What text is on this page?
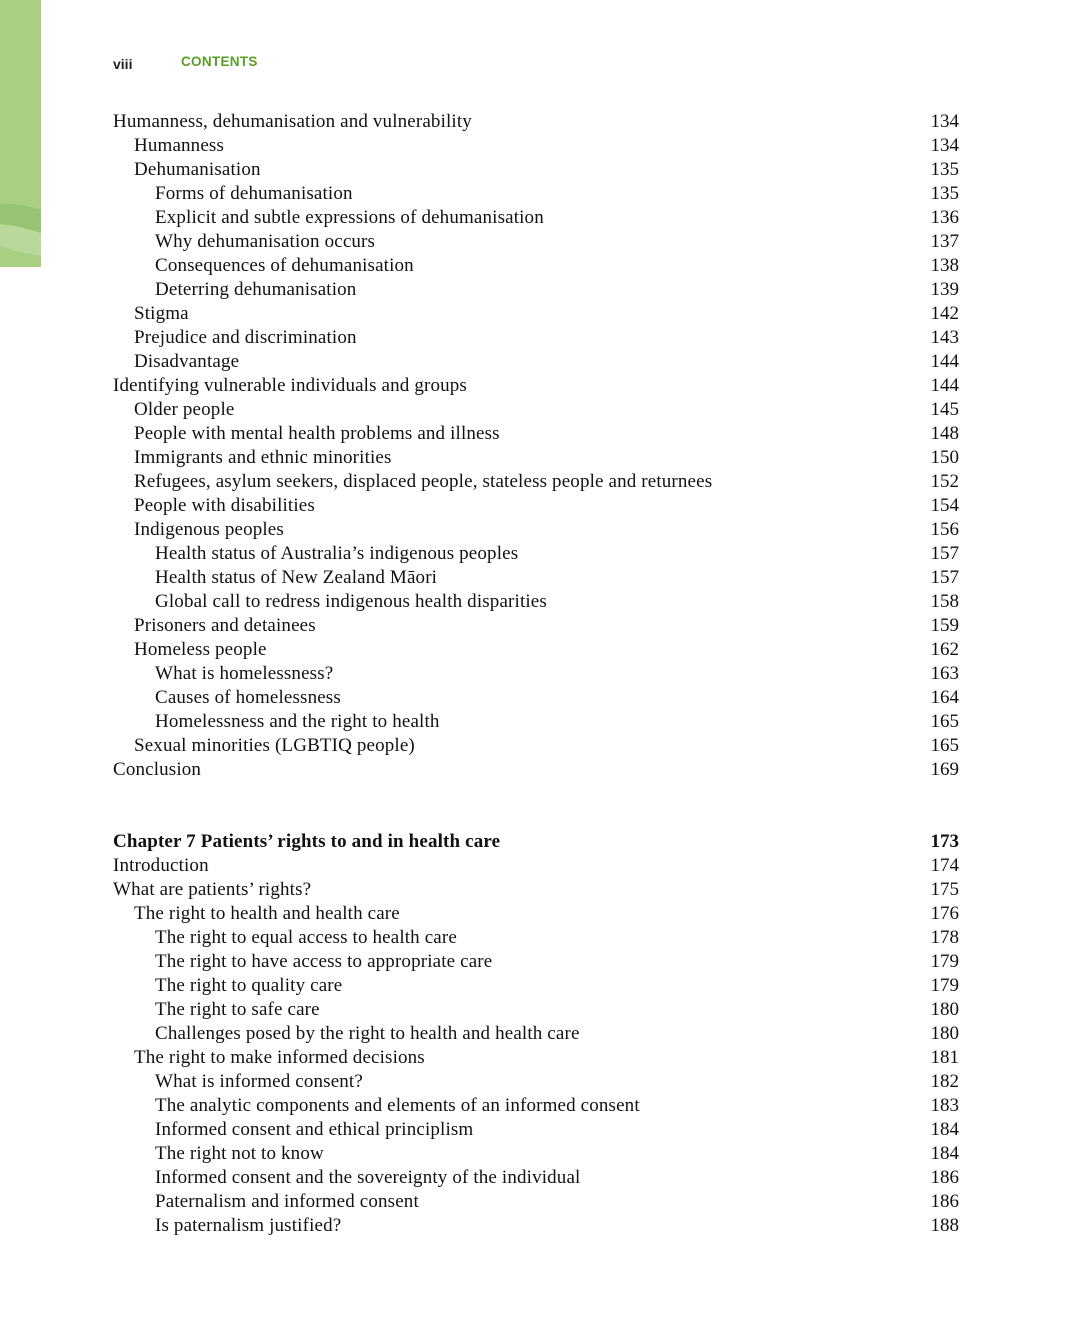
viii	CONTENTS
Humanness, dehumanisation and vulnerability	134
Humanness	134
Dehumanisation	135
Forms of dehumanisation	135
Explicit and subtle expressions of dehumanisation	136
Why dehumanisation occurs	137
Consequences of dehumanisation	138
Deterring dehumanisation	139
Stigma	142
Prejudice and discrimination	143
Disadvantage	144
Identifying vulnerable individuals and groups	144
Older people	145
People with mental health problems and illness	148
Immigrants and ethnic minorities	150
Refugees, asylum seekers, displaced people, stateless people and returnees	152
People with disabilities	154
Indigenous peoples	156
Health status of Australia’s indigenous peoples	157
Health status of New Zealand Māori	157
Global call to redress indigenous health disparities	158
Prisoners and detainees	159
Homeless people	162
What is homelessness?	163
Causes of homelessness	164
Homelessness and the right to health	165
Sexual minorities (LGBTIQ people)	165
Conclusion	169
Chapter 7 Patients’ rights to and in health care	173
Introduction	174
What are patients’ rights?	175
The right to health and health care	176
The right to equal access to health care	178
The right to have access to appropriate care	179
The right to quality care	179
The right to safe care	180
Challenges posed by the right to health and health care	180
The right to make informed decisions	181
What is informed consent?	182
The analytic components and elements of an informed consent	183
Informed consent and ethical principlism	184
The right not to know	184
Informed consent and the sovereignty of the individual	186
Paternalism and informed consent	186
Is paternalism justified?	188
